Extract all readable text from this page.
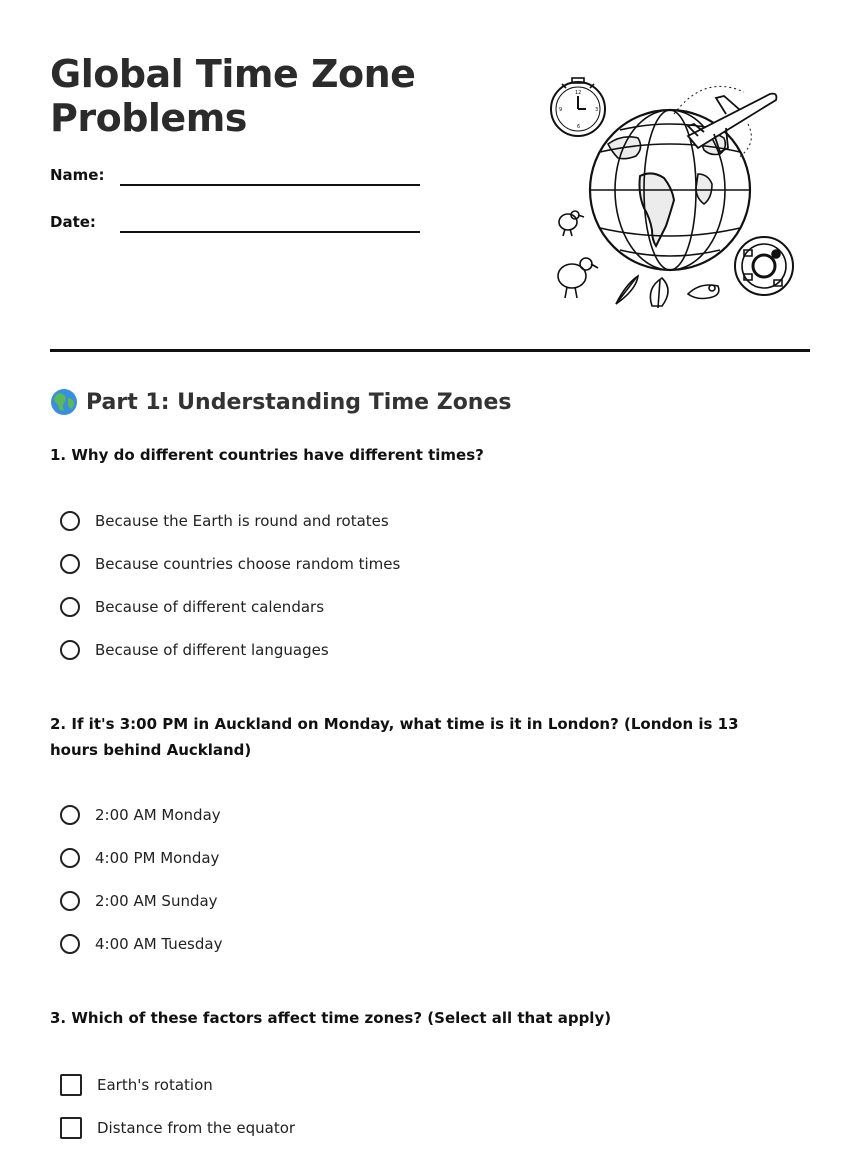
Global Time Zone
Problems
Name:
Date:
12
3
6
9
Part 1: Understanding Time Zones

1. Why do different countries have different times?

Because the Earth is round and rotates
Because countries choose random times
Because of different calendars
Because of different languages

2. If it's 3:00 PM in Auckland on Monday, what time is it in London? (London is 13 hours behind Auckland)

2:00 AM Monday
4:00 PM Monday
2:00 AM Sunday
4:00 AM Tuesday

3. Which of these factors affect time zones? (Select all that apply)

Earth's rotation
Distance from the equator
